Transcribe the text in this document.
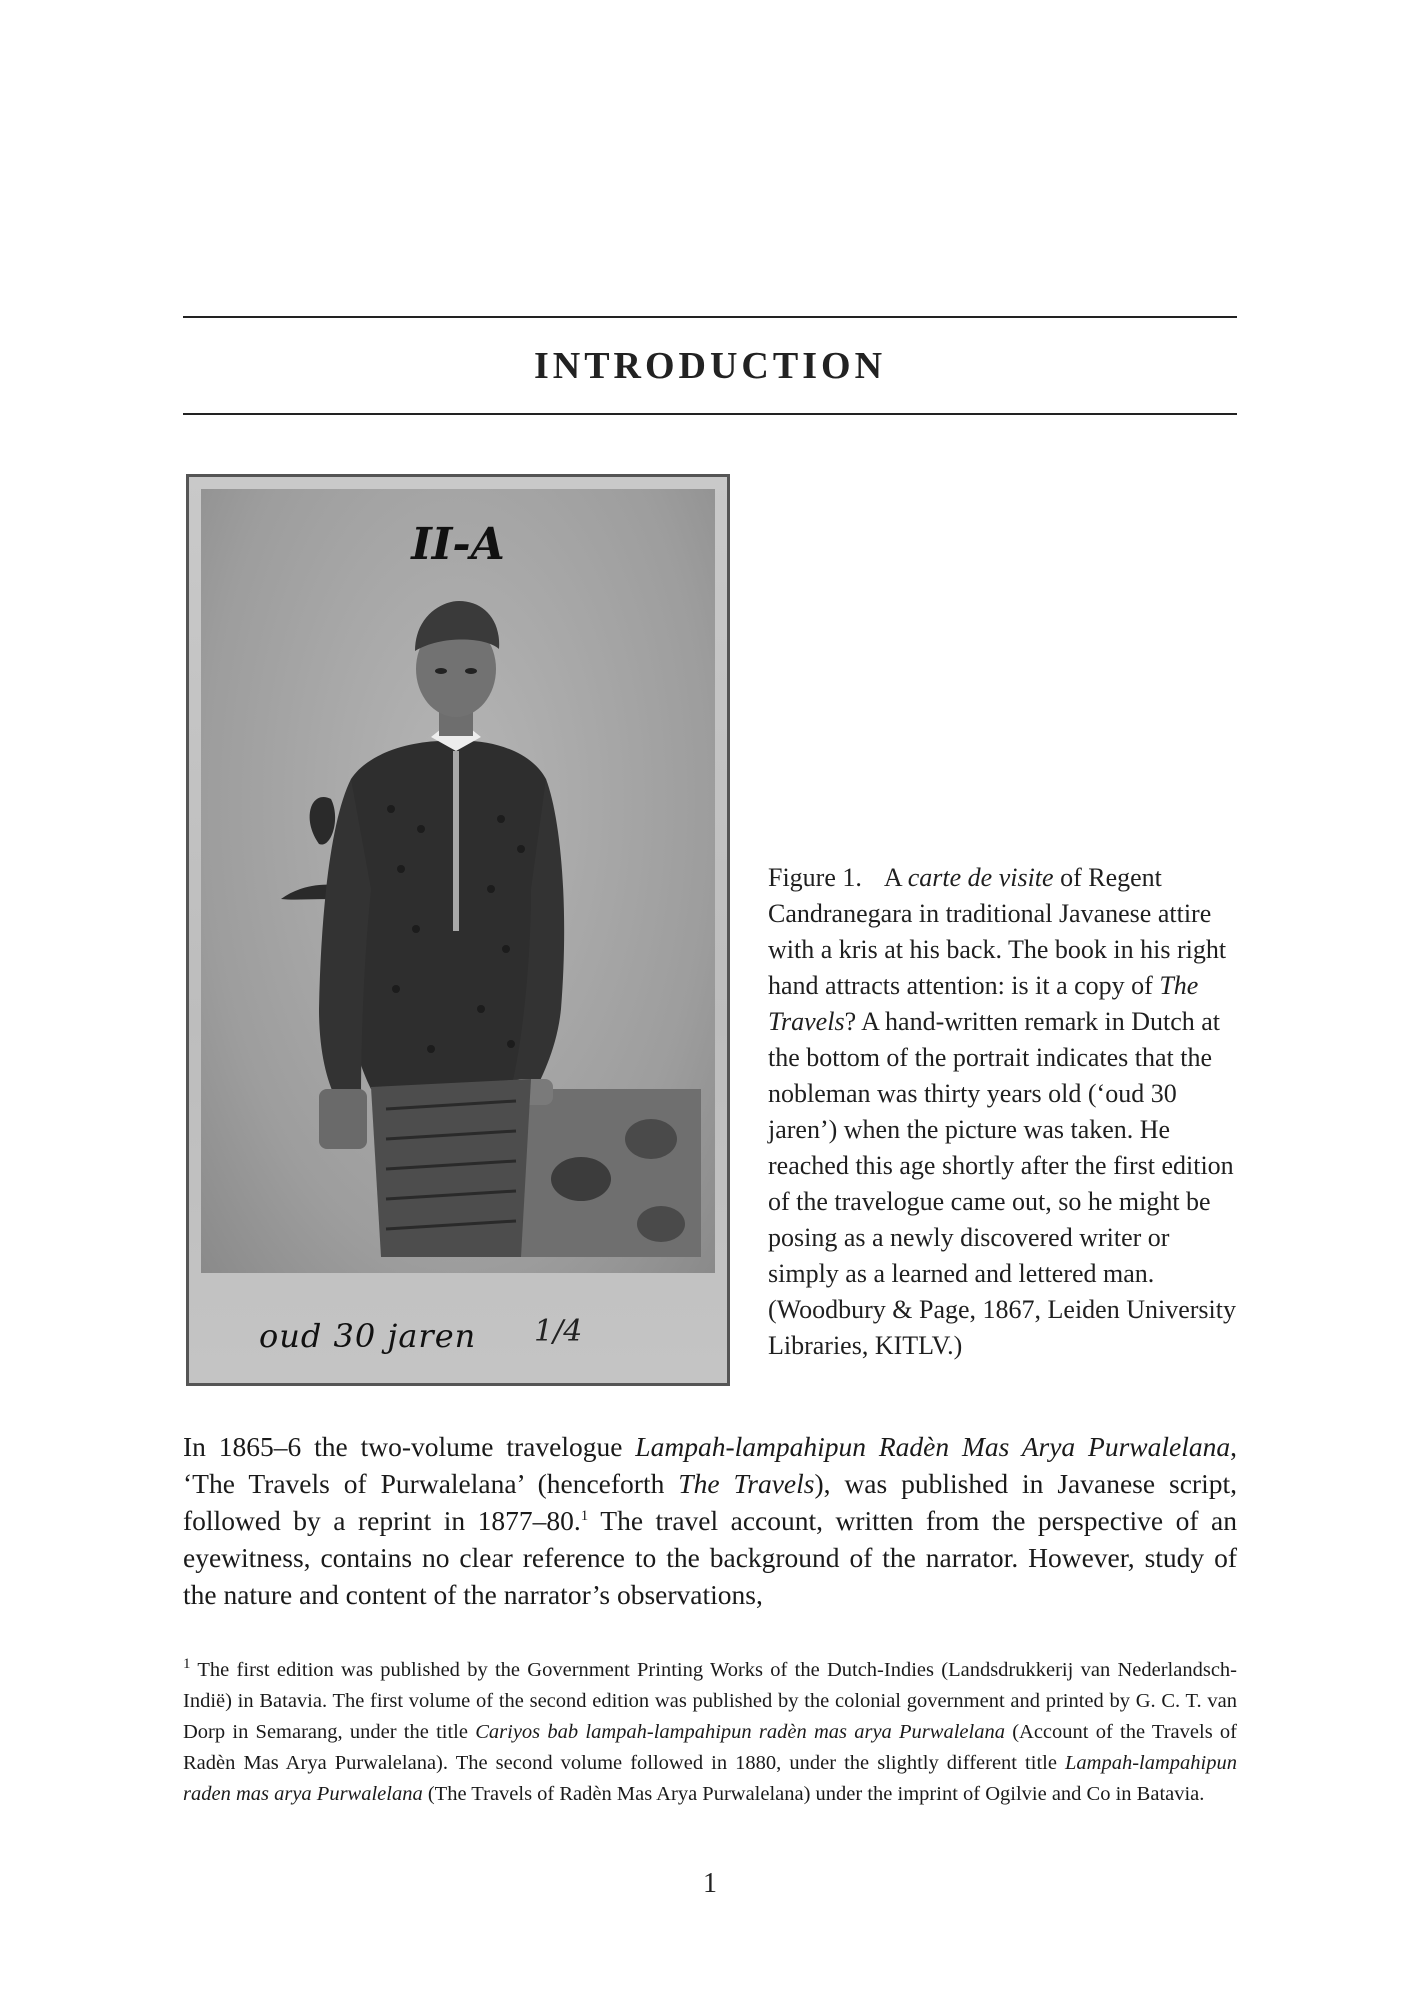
INTRODUCTION
II-A
oud 30 jaren 1/4

Figure 1. A carte de visite of Regent Candranegara in traditional Javanese attire with a kris at his back. The book in his right hand attracts attention: is it a copy of The Travels? A hand-written remark in Dutch at the bottom of the portrait indicates that the nobleman was thirty years old (‘oud 30 jaren’) when the picture was taken. He reached this age shortly after the first edition of the travelogue came out, so he might be posing as a newly discovered writer or simply as a learned and lettered man. (Woodbury & Page, 1867, Leiden University Libraries, KITLV.)

In 1865–6 the two-volume travelogue Lampah-lampahipun Radèn Mas Arya Purwalelana, ‘The Travels of Purwalelana’ (henceforth The Travels), was published in Javanese script, followed by a reprint in 1877–80.$^1$ The travel account, written from the perspective of an eyewitness, contains no clear reference to the background of the narrator. However, study of the nature and content of the narrator’s observations,

$^1$ The first edition was published by the Government Printing Works of the Dutch-Indies (Landsdrukkerij van Nederlandsch-Indië) in Batavia. The first volume of the second edition was published by the colonial government and printed by G. C. T. van Dorp in Semarang, under the title Cariyos bab lampah-lampahipun radèn mas arya Purwalelana (Account of the Travels of Radèn Mas Arya Purwalelana). The second volume followed in 1880, under the slightly different title Lampah-lampahipun raden mas arya Purwalelana (The Travels of Radèn Mas Arya Purwalelana) under the imprint of Ogilvie and Co in Batavia.

1
